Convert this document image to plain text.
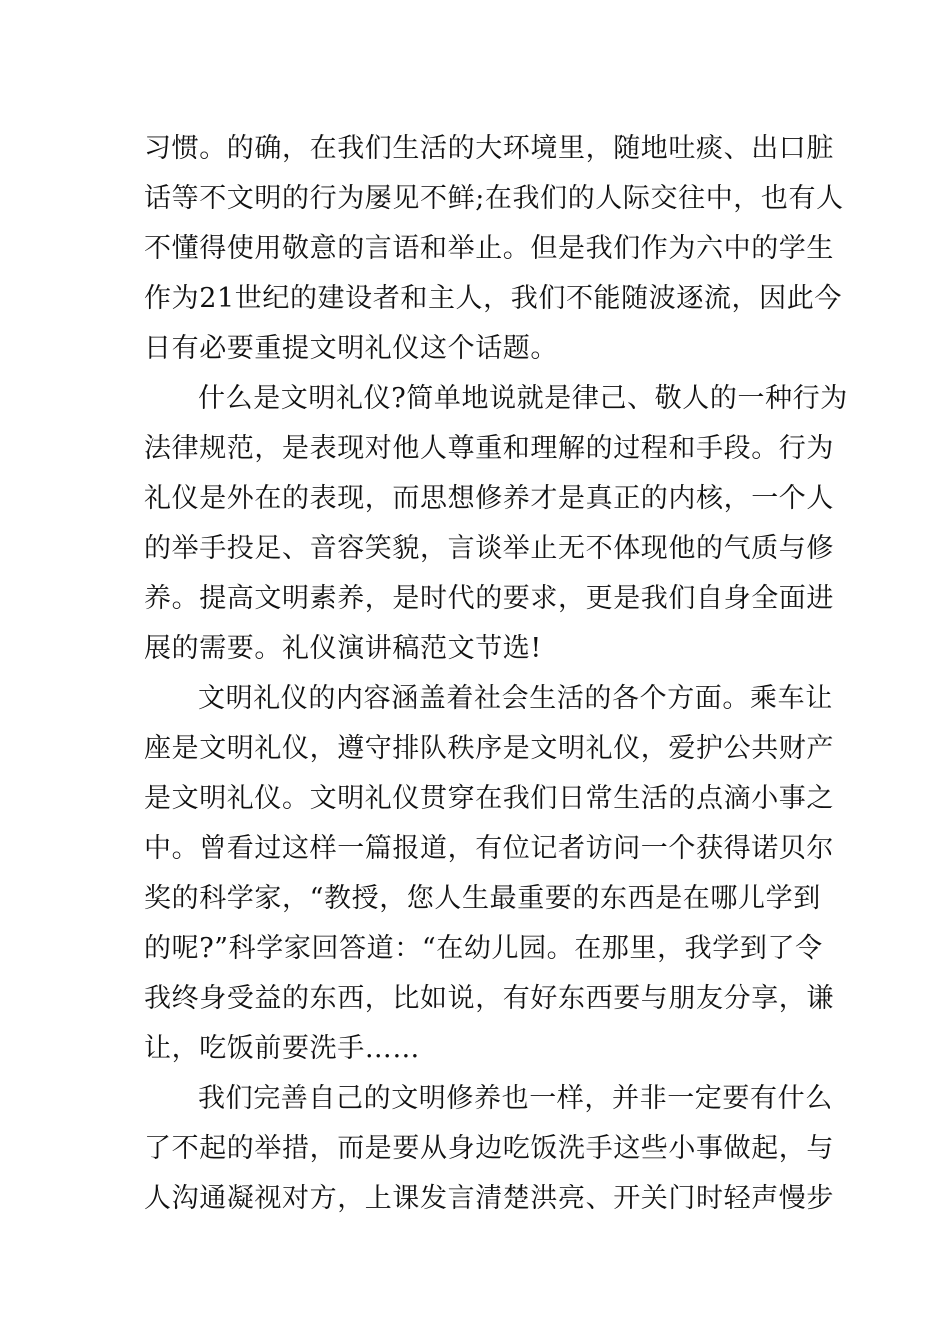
习惯。的确，在我们生活的大环境里，随地吐痰、出口脏
话等不文明的行为屡见不鲜;在我们的人际交往中，也有人
不懂得使用敬意的言语和举止。但是我们作为六中的学生
作为21世纪的建设者和主人，我们不能随波逐流，因此今
日有必要重提文明礼仪这个话题。
什么是文明礼仪?简单地说就是律己、敬人的一种行为
法律规范，是表现对他人尊重和理解的过程和手段。行为
礼仪是外在的表现，而思想修养才是真正的内核，一个人
的举手投足、音容笑貌，言谈举止无不体现他的气质与修
养。提高文明素养，是时代的要求，更是我们自身全面进
展的需要。礼仪演讲稿范文节选!
文明礼仪的内容涵盖着社会生活的各个方面。乘车让
座是文明礼仪，遵守排队秩序是文明礼仪，爱护公共财产
是文明礼仪。文明礼仪贯穿在我们日常生活的点滴小事之
中。曾看过这样一篇报道，有位记者访问一个获得诺贝尔
奖的科学家，“教授，您人生最重要的东西是在哪儿学到
的呢?”科学家回答道：“在幼儿园。在那里，我学到了令
我终身受益的东西，比如说，有好东西要与朋友分享，谦
让，吃饭前要洗手……
我们完善自己的文明修养也一样，并非一定要有什么
了不起的举措，而是要从身边吃饭洗手这些小事做起，与
人沟通凝视对方，上课发言清楚洪亮、开关门时轻声慢步
